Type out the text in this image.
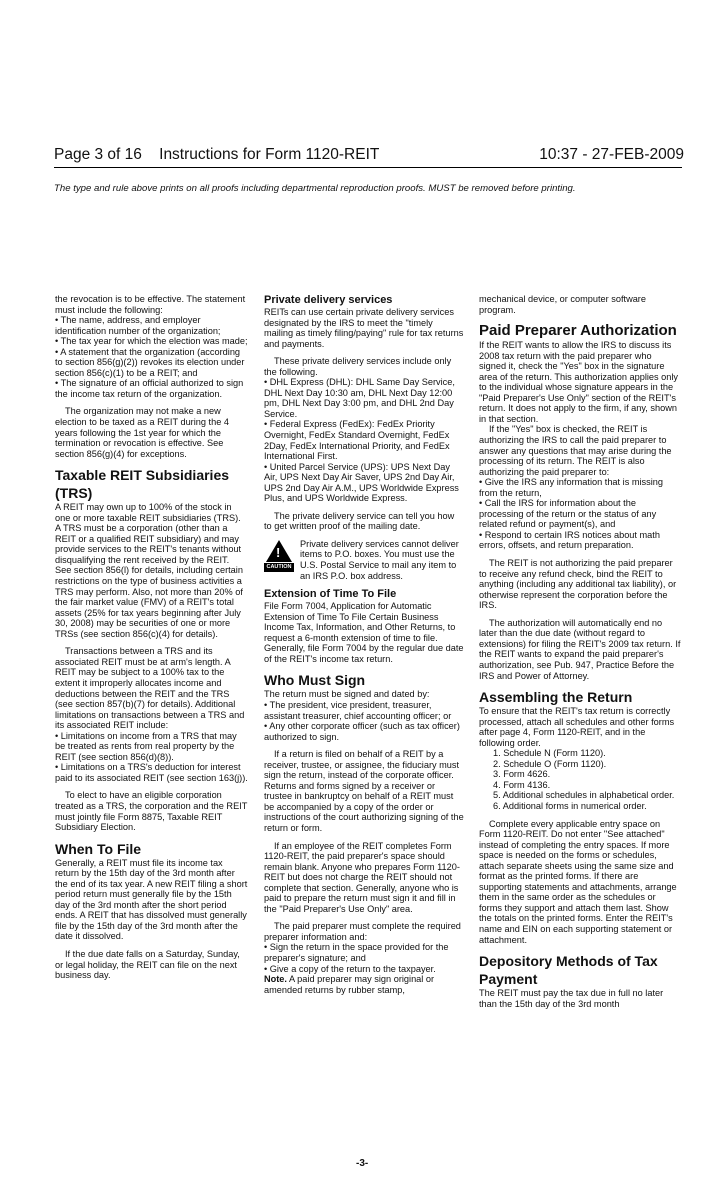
Page 3 of 16    Instructions for Form 1120-REIT	10:37 - 27-FEB-2009
The type and rule above prints on all proofs including departmental reproduction proofs. MUST be removed before printing.

the revocation is to be effective. The statement must include the following:

• The name, address, and employer identification number of the organization;

• The tax year for which the election was made;

• A statement that the organization (according to section 856(g)(2)) revokes its election under section 856(c)(1) to be a REIT; and

• The signature of an official authorized to sign the income tax return of the organization.

The organization may not make a new election to be taxed as a REIT during the 4 years following the 1st year for which the termination or revocation is effective. See section 856(g)(4) for exceptions.

Taxable REIT Subsidiaries (TRS)

A REIT may own up to 100% of the stock in one or more taxable REIT subsidiaries (TRS). A TRS must be a corporation (other than a REIT or a qualified REIT subsidiary) and may provide services to the REIT's tenants without disqualifying the rent received by the REIT. See section 856(l) for details, including certain restrictions on the type of business activities a TRS may perform. Also, not more than 20% of the fair market value (FMV) of a REIT's total assets (25% for tax years beginning after July 30, 2008) may be securities of one or more TRSs (see section 856(c)(4) for details).

Transactions between a TRS and its associated REIT must be at arm's length. A REIT may be subject to a 100% tax to the extent it improperly allocates income and deductions between the REIT and the TRS (see section 857(b)(7) for details). Additional limitations on transactions between a TRS and its associated REIT include:

• Limitations on income from a TRS that may be treated as rents from real property by the REIT (see section 856(d)(8)).

• Limitations on a TRS's deduction for interest paid to its associated REIT (see section 163(j)).

To elect to have an eligible corporation treated as a TRS, the corporation and the REIT must jointly file Form 8875, Taxable REIT Subsidiary Election.

When To File

Generally, a REIT must file its income tax return by the 15th day of the 3rd month after the end of its tax year. A new REIT filing a short period return must generally file by the 15th day of the 3rd month after the short period ends. A REIT that has dissolved must generally file by the 15th day of the 3rd month after the date it dissolved.

If the due date falls on a Saturday, Sunday, or legal holiday, the REIT can file on the next business day.

Private delivery services

REITs can use certain private delivery services designated by the IRS to meet the "timely mailing as timely filing/paying" rule for tax returns and payments.

These private delivery services include only the following.

• DHL Express (DHL): DHL Same Day Service, DHL Next Day 10:30 am, DHL Next Day 12:00 pm, DHL Next Day 3:00 pm, and DHL 2nd Day Service.

• Federal Express (FedEx): FedEx Priority Overnight, FedEx Standard Overnight, FedEx 2Day, FedEx International Priority, and FedEx International First.

• United Parcel Service (UPS): UPS Next Day Air, UPS Next Day Air Saver, UPS 2nd Day Air, UPS 2nd Day Air A.M., UPS Worldwide Express Plus, and UPS Worldwide Express.

The private delivery service can tell you how to get written proof of the mailing date.

!
CAUTION

Private delivery services cannot deliver items to P.O. boxes. You must use the U.S. Postal Service to mail any item to an IRS P.O. box address.

Extension of Time To File

File Form 7004, Application for Automatic Extension of Time To File Certain Business Income Tax, Information, and Other Returns, to request a 6-month extension of time to file. Generally, file Form 7004 by the regular due date of the REIT's income tax return.

Who Must Sign

The return must be signed and dated by:

• The president, vice president, treasurer, assistant treasurer, chief accounting officer; or

• Any other corporate officer (such as tax officer) authorized to sign.

If a return is filed on behalf of a REIT by a receiver, trustee, or assignee, the fiduciary must sign the return, instead of the corporate officer. Returns and forms signed by a receiver or trustee in bankruptcy on behalf of a REIT must be accompanied by a copy of the order or instructions of the court authorizing signing of the return or form.

If an employee of the REIT completes Form 1120-REIT, the paid preparer's space should remain blank. Anyone who prepares Form 1120-REIT but does not charge the REIT should not complete that section. Generally, anyone who is paid to prepare the return must sign it and fill in the "Paid Preparer's Use Only" area.

The paid preparer must complete the required preparer information and:

• Sign the return in the space provided for the preparer's signature; and

• Give a copy of the return to the taxpayer.

Note. A paid preparer may sign original or amended returns by rubber stamp,

mechanical device, or computer software program.

Paid Preparer Authorization

If the REIT wants to allow the IRS to discuss its 2008 tax return with the paid preparer who signed it, check the "Yes" box in the signature area of the return. This authorization applies only to the individual whose signature appears in the "Paid Preparer's Use Only" section of the REIT's return. It does not apply to the firm, if any, shown in that section.

If the "Yes" box is checked, the REIT is authorizing the IRS to call the paid preparer to answer any questions that may arise during the processing of its return. The REIT is also authorizing the paid preparer to:

• Give the IRS any information that is missing from the return,

• Call the IRS for information about the processing of the return or the status of any related refund or payment(s), and

• Respond to certain IRS notices about math errors, offsets, and return preparation.

The REIT is not authorizing the paid preparer to receive any refund check, bind the REIT to anything (including any additional tax liability), or otherwise represent the corporation before the IRS.

The authorization will automatically end no later than the due date (without regard to extensions) for filing the REIT's 2009 tax return. If the REIT wants to expand the paid preparer's authorization, see Pub. 947, Practice Before the IRS and Power of Attorney.

Assembling the Return

To ensure that the REIT's tax return is correctly processed, attach all schedules and other forms after page 4, Form 1120-REIT, and in the following order.

1. Schedule N (Form 1120).

2. Schedule O (Form 1120).

3. Form 4626.

4. Form 4136.

5. Additional schedules in alphabetical order.

6. Additional forms in numerical order.

Complete every applicable entry space on Form 1120-REIT. Do not enter "See attached" instead of completing the entry spaces. If more space is needed on the forms or schedules, attach separate sheets using the same size and format as the printed forms. If there are supporting statements and attachments, arrange them in the same order as the schedules or forms they support and attach them last. Show the totals on the printed forms. Enter the REIT's name and EIN on each supporting statement or attachment.

Depository Methods of Tax Payment

The REIT must pay the tax due in full no later than the 15th day of the 3rd month

-3-
